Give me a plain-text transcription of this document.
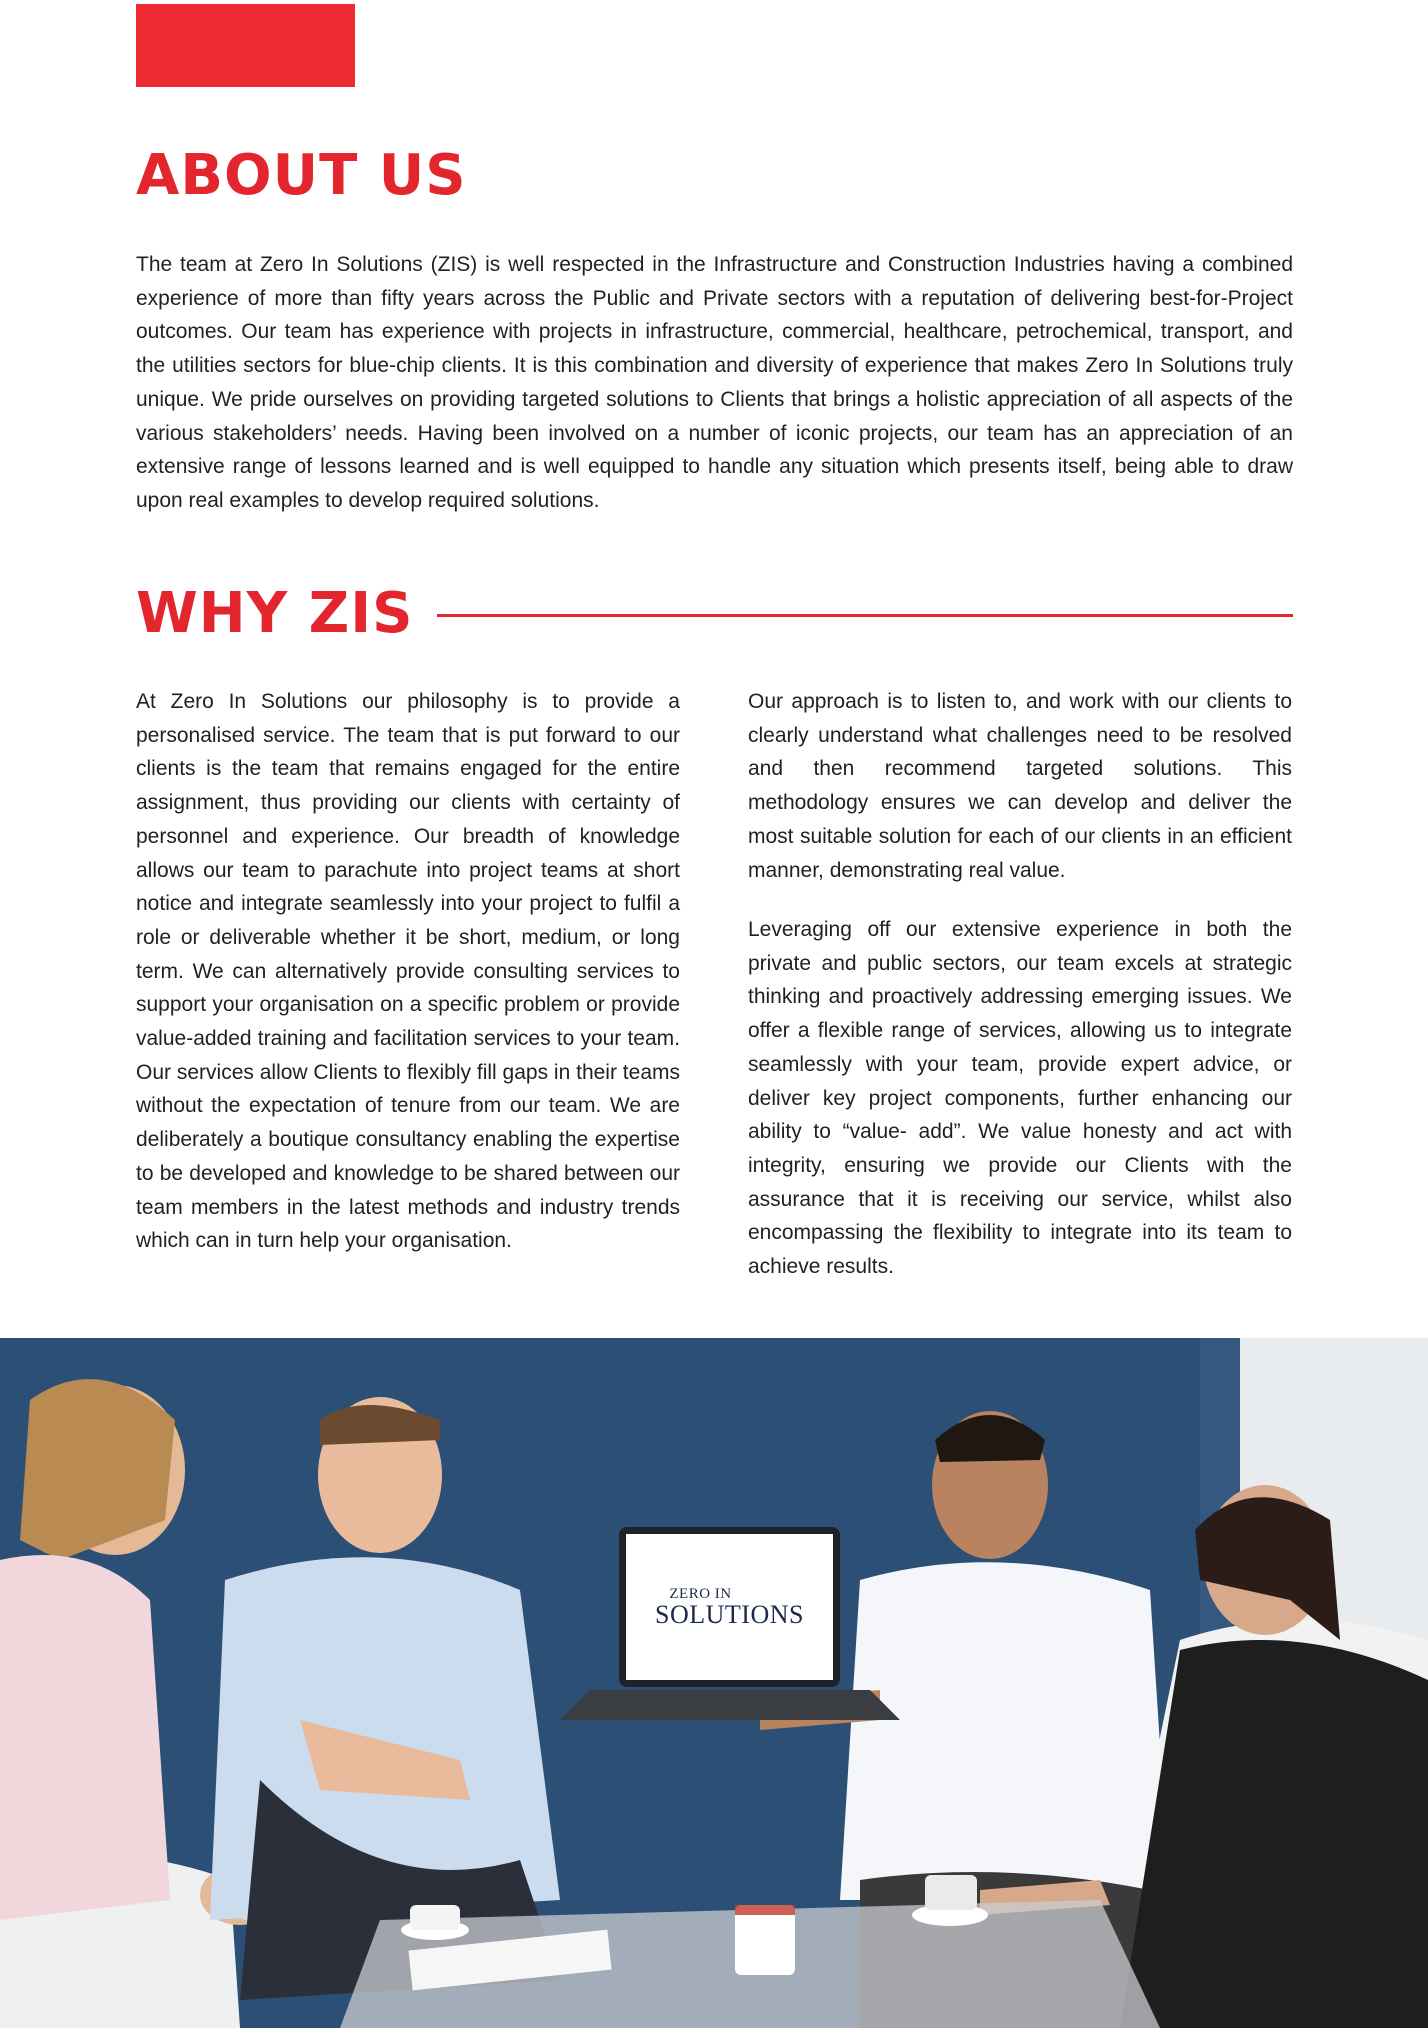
ABOUT US

The team at Zero In Solutions (ZIS) is well respected in the Infrastructure and Construction Industries having a combined experience of more than fifty years across the Public and Private sectors with a reputation of delivering best-for-Project outcomes. Our team has experience with projects in infrastructure, commercial, healthcare, petrochemical, transport, and the utilities sectors for blue-chip clients. It is this combination and diversity of experience that makes Zero In Solutions truly unique. We pride ourselves on providing targeted solutions to Clients that brings a holistic appreciation of all aspects of the various stakeholders’ needs. Having been involved on a number of iconic projects, our team has an appreciation of an extensive range of lessons learned and is well equipped to handle any situation which presents itself, being able to draw upon real examples to develop required solutions.

WHY ZIS

At Zero In Solutions our philosophy is to provide a personalised service. The team that is put forward to our clients is the team that remains engaged for the entire assignment, thus providing our clients with certainty of personnel and experience. Our breadth of knowledge allows our team to parachute into project teams at short notice and integrate seamlessly into your project to fulfil a role or deliverable whether it be short, medium, or long term. We can alternatively provide consulting services to support your organisation on a specific problem or provide value-added training and facilitation services to your team. Our services allow Clients to flexibly fill gaps in their teams without the expectation of tenure from our team. We are deliberately a boutique consultancy enabling the expertise to be developed and knowledge to be shared between our team members in the latest methods and industry trends which can in turn help your organisation.

Our approach is to listen to, and work with our clients to clearly understand what challenges need to be resolved and then recommend targeted solutions. This methodology ensures we can develop and deliver the most suitable solution for each of our clients in an efficient manner, demonstrating real value.

Leveraging off our extensive experience in both the private and public sectors, our team excels at strategic thinking and proactively addressing emerging issues. We offer a flexible range of services, allowing us to integrate seamlessly with your team, provide expert advice, or deliver key project components, further enhancing our ability to “value- add”. We value honesty and act with integrity, ensuring we provide our Clients with the assurance that it is receiving our service, whilst also encompassing the flexibility to integrate into its team to achieve results.

ZERO IN
SOLUTIONS
